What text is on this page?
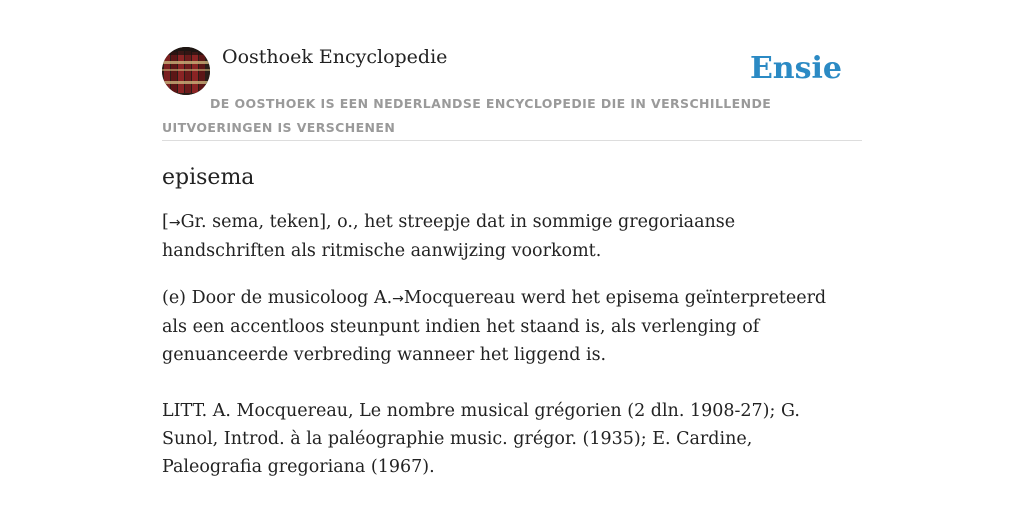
Oosthoek Encyclopedie	Ensie
DE OOSTHOEK IS EEN NEDERLANDSE ENCYCLOPEDIE DIE IN VERSCHILLENDE UITVOERINGEN IS VERSCHENEN
episema

[→Gr. sema, teken], o., het streepje dat in sommige gregoriaanse handschriften als ritmische aanwijzing voorkomt.

(e) Door de musicoloog A.→Mocquereau werd het episema geïnterpreteerd als een accentloos steunpunt indien het staand is, als verlenging of genuanceerde verbreding wanneer het liggend is.

LITT. A. Mocquereau, Le nombre musical grégorien (2 dln. 1908-27); G. Sunol, Introd. à la paléographie music. grégor. (1935); E. Cardine, Paleografia gregoriana (1967).
